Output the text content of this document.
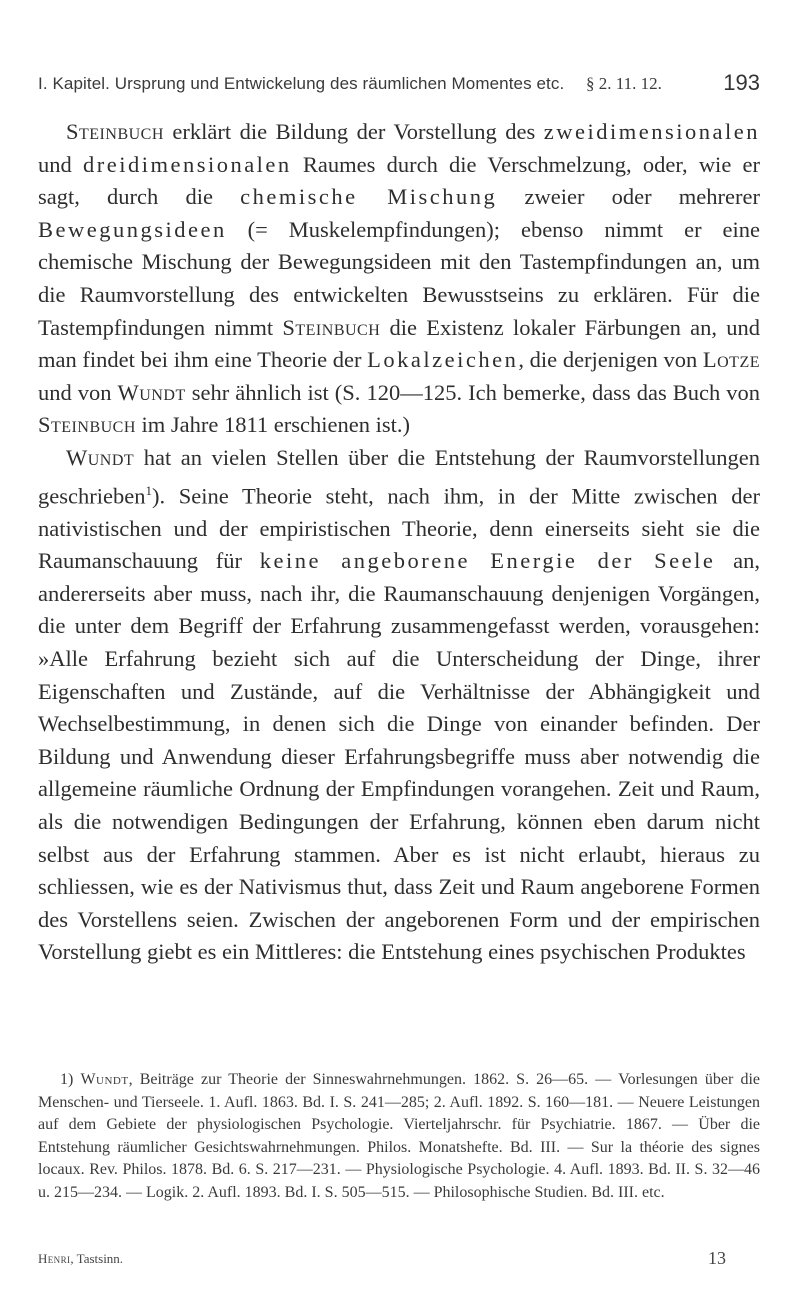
I. Kapitel. Ursprung und Entwickelung des räumlichen Momentes etc. § 2. 11. 12.	193

Steinbuch erklärt die Bildung der Vorstellung des zweidimensionalen und dreidimensionalen Raumes durch die Verschmelzung, oder, wie er sagt, durch die chemische Mischung zweier oder mehrerer Bewegungsideen (= Muskelempfindungen); ebenso nimmt er eine chemische Mischung der Bewegungsideen mit den Tastempfindungen an, um die Raumvorstellung des entwickelten Bewusstseins zu erklären. Für die Tastempfindungen nimmt Steinbuch die Existenz lokaler Färbungen an, und man findet bei ihm eine Theorie der Lokalzeichen, die derjenigen von Lotze und von Wundt sehr ähnlich ist (S. 120—125. Ich bemerke, dass das Buch von Steinbuch im Jahre 1811 erschienen ist.)

Wundt hat an vielen Stellen über die Entstehung der Raumvorstellungen geschrieben$^1$). Seine Theorie steht, nach ihm, in der Mitte zwischen der nativistischen und der empiristischen Theorie, denn einerseits sieht sie die Raumanschauung für keine angeborene Energie der Seele an, andererseits aber muss, nach ihr, die Raumanschauung denjenigen Vorgängen, die unter dem Begriff der Erfahrung zusammengefasst werden, vorausgehen: »Alle Erfahrung bezieht sich auf die Unterscheidung der Dinge, ihrer Eigenschaften und Zustände, auf die Verhältnisse der Abhängigkeit und Wechselbestimmung, in denen sich die Dinge von einander befinden. Der Bildung und Anwendung dieser Erfahrungsbegriffe muss aber notwendig die allgemeine räumliche Ordnung der Empfindungen vorangehen. Zeit und Raum, als die notwendigen Bedingungen der Erfahrung, können eben darum nicht selbst aus der Erfahrung stammen. Aber es ist nicht erlaubt, hieraus zu schliessen, wie es der Nativismus thut, dass Zeit und Raum angeborene Formen des Vorstellens seien. Zwischen der angeborenen Form und der empirischen Vorstellung giebt es ein Mittleres: die Entstehung eines psychischen Produktes

1) Wundt, Beiträge zur Theorie der Sinneswahrnehmungen. 1862. S. 26—65. — Vorlesungen über die Menschen- und Tierseele. 1. Aufl. 1863. Bd. I. S. 241—285; 2. Aufl. 1892. S. 160—181. — Neuere Leistungen auf dem Gebiete der physiologischen Psychologie. Vierteljahrschr. für Psychiatrie. 1867. — Über die Entstehung räumlicher Gesichtswahrnehmungen. Philos. Monatshefte. Bd. III. — Sur la théorie des signes locaux. Rev. Philos. 1878. Bd. 6. S. 217—231. — Physiologische Psychologie. 4. Aufl. 1893. Bd. II. S. 32—46 u. 215—234. — Logik. 2. Aufl. 1893. Bd. I. S. 505—515. — Philosophische Studien. Bd. III. etc.

Henri, Tastsinn.	13
